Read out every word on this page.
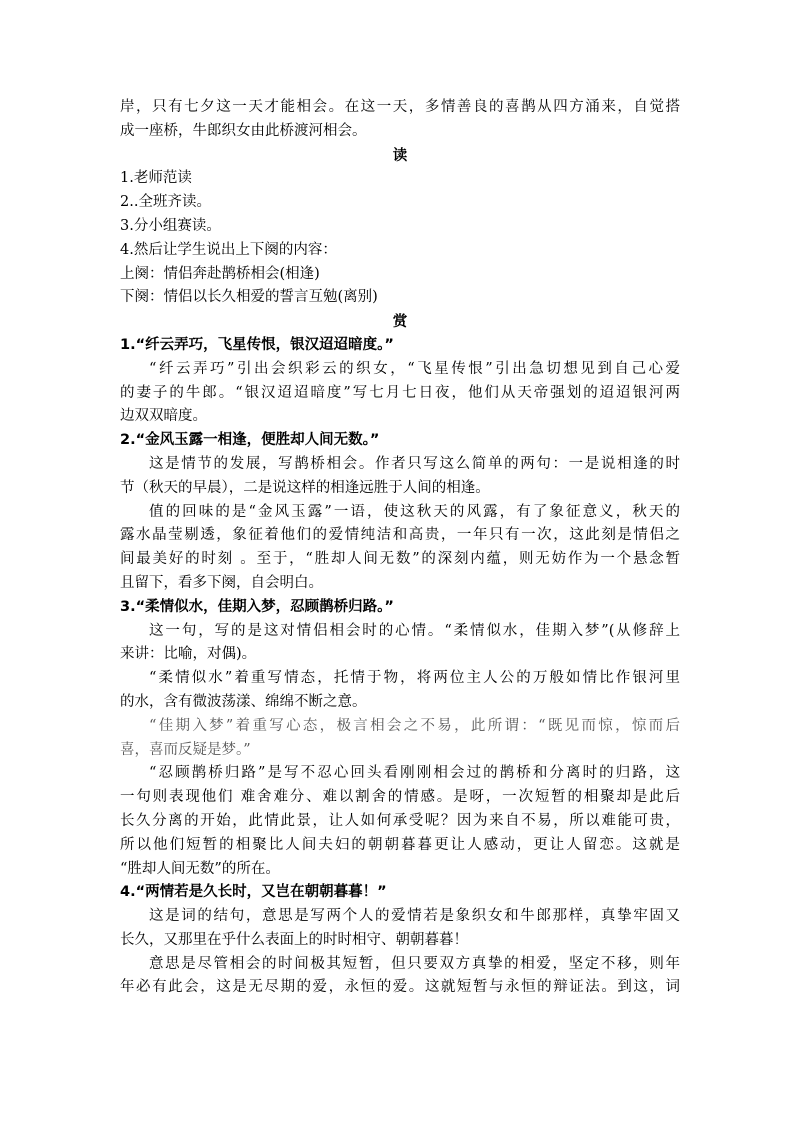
岸，只有七夕这一天才能相会。在这一天，多情善良的喜鹊从四方涌来，自觉搭

成一座桥，牛郎织女由此桥渡河相会。

读

1.老师范读

2..全班齐读。

3.分小组赛读。

4.然后让学生说出上下阕的内容：

上阕：情侣奔赴鹊桥相会(相逢)

下阕：情侣以长久相爱的誓言互勉(离别)

赏

1.“纤云弄巧，飞星传恨，银汉迢迢暗度。”

“纤云弄巧”引出会织彩云的织女，“飞星传恨”引出急切想见到自己心爱

的妻子的牛郎。“银汉迢迢暗度”写七月七日夜，他们从天帝强划的迢迢银河两

边双双暗度。

2.“金风玉露一相逢，便胜却人间无数。”

这是情节的发展，写鹊桥相会。作者只写这么简单的两句：一是说相逢的时

节（秋天的早晨），二是说这样的相逢远胜于人间的相逢。

值的回味的是“金风玉露”一语，使这秋天的风露，有了象征意义，秋天的

露水晶莹剔透，象征着他们的爱情纯洁和高贵，一年只有一次，这此刻是情侣之

间最美好的时刻 。至于，“胜却人间无数”的深刻内蕴，则无妨作为一个悬念暂

且留下，看多下阕，自会明白。

3.“柔情似水，佳期入梦，忍顾鹊桥归路。”

这一句，写的是这对情侣相会时的心情。“柔情似水，佳期入梦”(从修辞上

来讲：比喻，对偶)。

“柔情似水”着重写情态，托情于物，将两位主人公的万般如情比作银河里

的水，含有微波荡漾、绵绵不断之意。

“佳期入梦”着重写心态，极言相会之不易，此所谓：“既见而惊，惊而后

喜，喜而反疑是梦。”

“忍顾鹊桥归路”是写不忍心回头看刚刚相会过的鹊桥和分离时的归路，这

一句则表现他们 难舍难分、难以割舍的情感。是呀，一次短暂的相聚却是此后

长久分离的开始，此情此景，让人如何承受呢？因为来自不易，所以难能可贵，

所以他们短暂的相聚比人间夫妇的朝朝暮暮更让人感动，更让人留恋。这就是

“胜却人间无数”的所在。

4.“两情若是久长时，又岂在朝朝暮暮！”

这是词的结句，意思是写两个人的爱情若是象织女和牛郎那样，真挚牢固又

长久，又那里在乎什么表面上的时时相守、朝朝暮暮！

意思是尽管相会的时间极其短暂，但只要双方真挚的相爱，坚定不移，则年

年必有此会，这是无尽期的爱，永恒的爱。这就短暂与永恒的辩证法。到这，词
